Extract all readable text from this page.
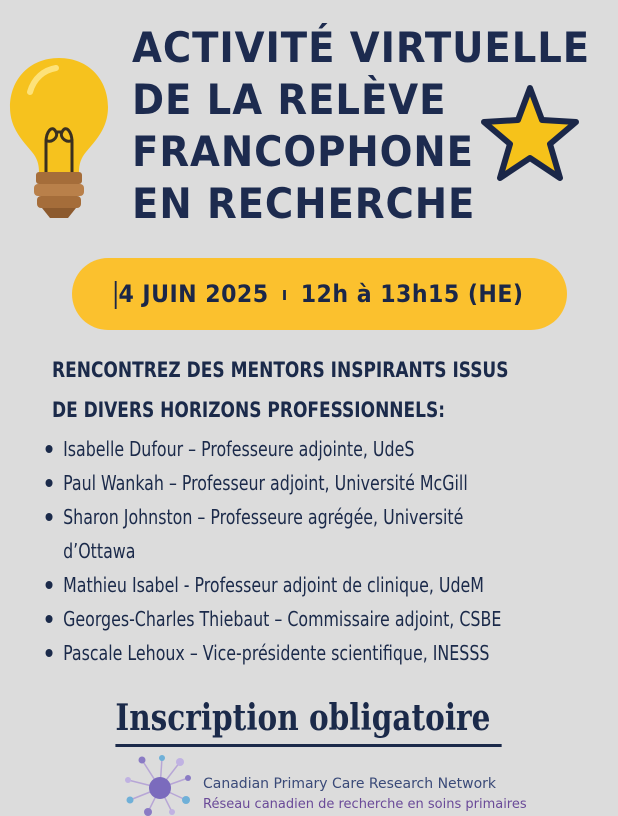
ACTIVITÉ VIRTUELLE
DE LA RELÈVE
FRANCOPHONE
EN RECHERCHE
4 JUIN 2025 12h à 13h15 (HE)
RENCONTREZ DES MENTORS INSPIRANTS ISSUS
DE DIVERS HORIZONS PROFESSIONNELS:
Isabelle Dufour – Professeure adjointe, UdeS
Paul Wankah – Professeur adjoint, Université McGill
Sharon Johnston – Professeure agrégée, Université
d’Ottawa
Mathieu Isabel - Professeur adjoint de clinique, UdeM
Georges-Charles Thiebaut – Commissaire adjoint, CSBE
Pascale Lehoux – Vice-présidente scientifique, INESSS
Inscription obligatoire
Canadian Primary Care Research Network
Réseau canadien de recherche en soins primaires
